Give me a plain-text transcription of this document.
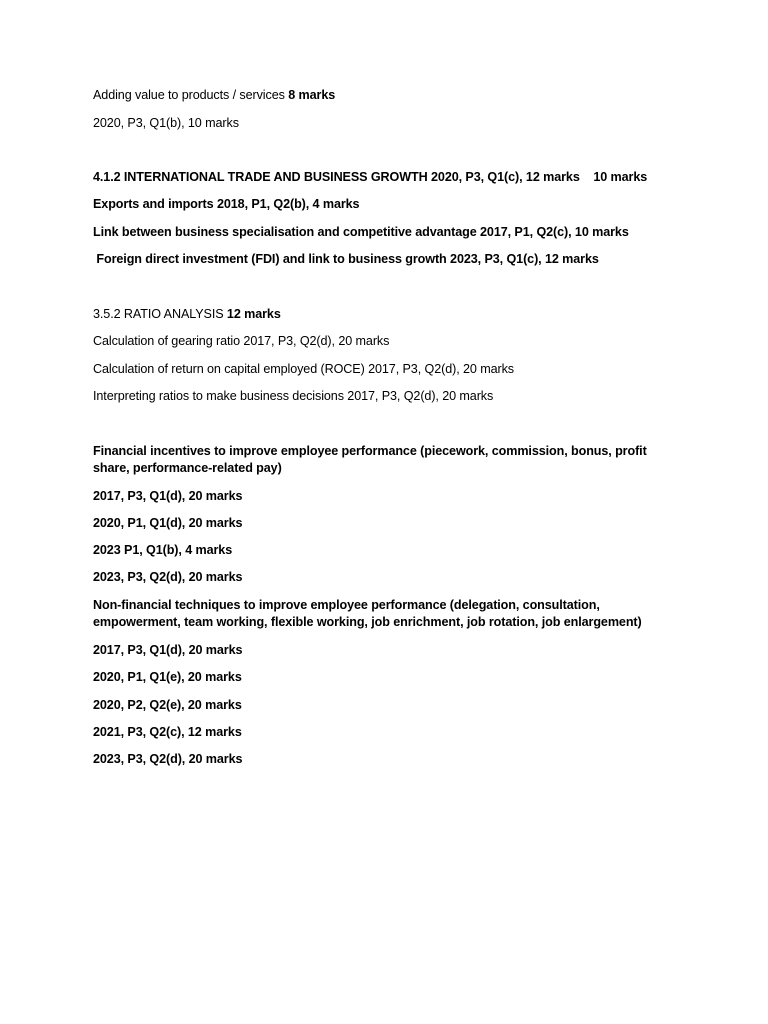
Adding value to products / services 8 marks
2020, P3, Q1(b), 10 marks
4.1.2 INTERNATIONAL TRADE AND BUSINESS GROWTH 2020, P3, Q1(c), 12 marks    10 marks
Exports and imports 2018, P1, Q2(b), 4 marks
Link between business specialisation and competitive advantage 2017, P1, Q2(c), 10 marks
Foreign direct investment (FDI) and link to business growth 2023, P3, Q1(c), 12 marks
3.5.2 RATIO ANALYSIS 12 marks
Calculation of gearing ratio 2017, P3, Q2(d), 20 marks
Calculation of return on capital employed (ROCE) 2017, P3, Q2(d), 20 marks
Interpreting ratios to make business decisions 2017, P3, Q2(d), 20 marks
Financial incentives to improve employee performance (piecework, commission, bonus, profit share, performance-related pay)
2017, P3, Q1(d), 20 marks
2020, P1, Q1(d), 20 marks
2023 P1, Q1(b), 4 marks
2023, P3, Q2(d), 20 marks
Non-financial techniques to improve employee performance (delegation, consultation, empowerment, team working, flexible working, job enrichment, job rotation, job enlargement)
2017, P3, Q1(d), 20 marks
2020, P1, Q1(e), 20 marks
2020, P2, Q2(e), 20 marks
2021, P3, Q2(c), 12 marks
2023, P3, Q2(d), 20 marks
